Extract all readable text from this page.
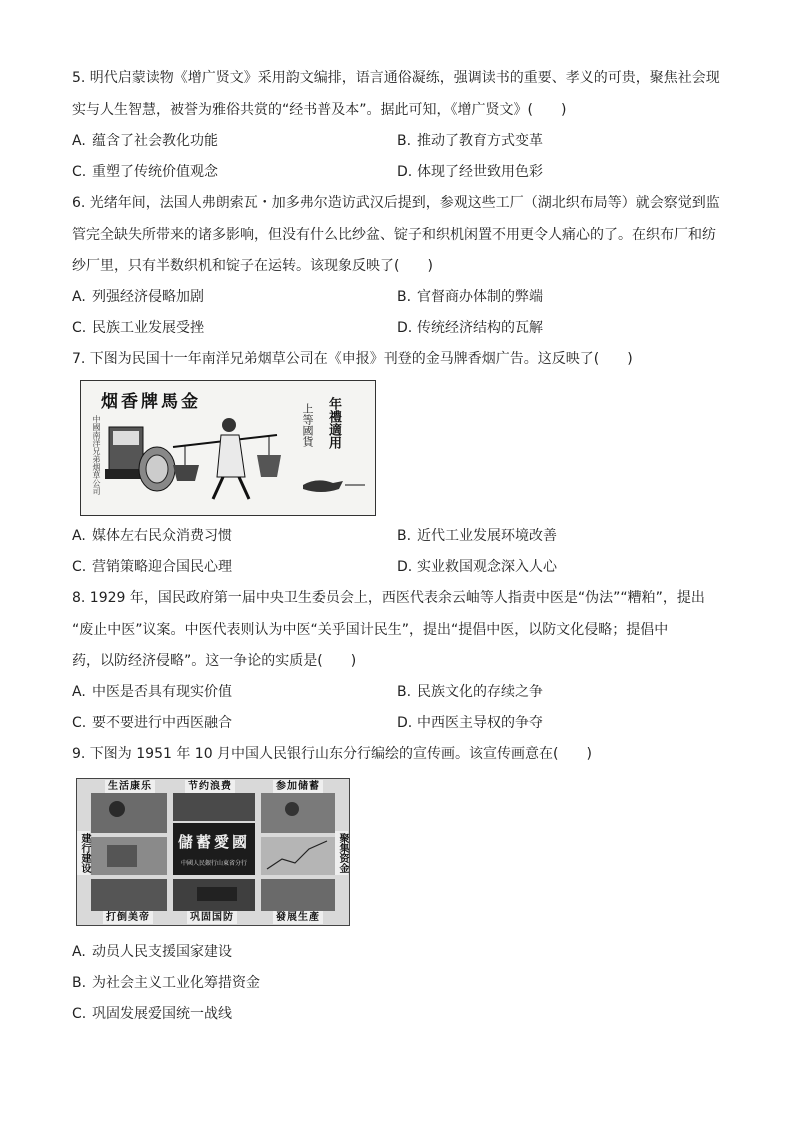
5. 明代启蒙读物《增广贤文》采用韵文编排，语言通俗凝练，强调读书的重要、孝义的可贵，聚焦社会现
实与人生智慧，被誉为雅俗共赏的“经书普及本”。据此可知，《增广贤文》(　　)
A. 蕴含了社会教化功能	B. 推动了教育方式变革
C. 重塑了传统价值观念	D. 体现了经世致用色彩
6. 光绪年间，法国人弗朗索瓦・加多弗尔造访武汉后提到，参观这些工厂（湖北织布局等）就会察觉到监
管完全缺失所带来的诸多影响，但没有什么比纱盆、锭子和织机闲置不用更令人痛心的了。在织布厂和纺
纱厂里，只有半数织机和锭子在运转。该现象反映了(　　)
A. 列强经济侵略加剧	B. 官督商办体制的弊端
C. 民族工业发展受挫	D. 传统经济结构的瓦解
7. 下图为民国十一年南洋兄弟烟草公司在《申报》刊登的金马牌香烟广告。这反映了(　　)
烟香牌馬金
中國南洋兄弟烟草公司	年禮適用
上等國貨
A. 媒体左右民众消费习惯	B. 近代工业发展环境改善
C. 营销策略迎合国民心理	D. 实业救国观念深入人心
8. 1929 年，国民政府第一届中央卫生委员会上，西医代表余云岫等人指责中医是“伪法”“糟粕”，提出
“废止中医”议案。中医代表则认为中医“关乎国计民生”，提出“提倡中医，以防文化侵略；提倡中
药，以防经济侵略”。这一争论的实质是(　　)
A. 中医是否具有现实价值	B. 民族文化的存续之争
C. 要不要进行中西医融合	D. 中西医主导权的争夺
9. 下图为 1951 年 10 月中国人民银行山东分行编绘的宣传画。该宣传画意在(　　)
生活康乐	节约浪费	参加储蓄
建行建设	聚集资金
打倒美帝	巩固国防	發展生產
儲蓄愛國
中國人民銀行山東省分行
A. 动员人民支援国家建设
B. 为社会主义工业化筹措资金
C. 巩固发展爱国统一战线
